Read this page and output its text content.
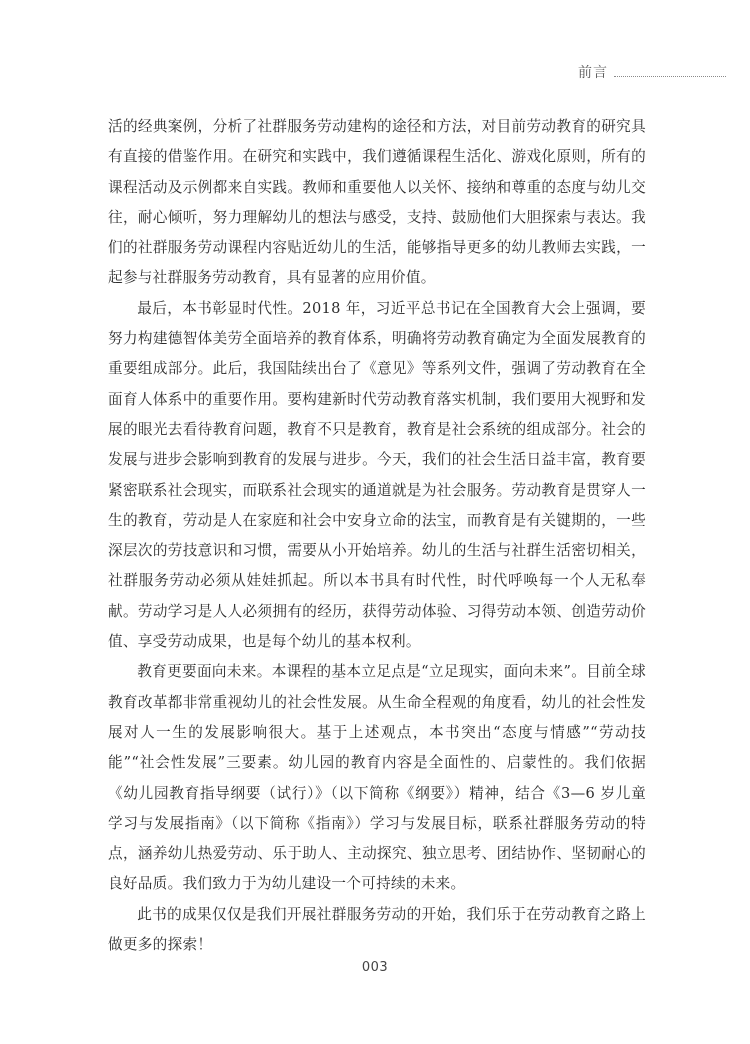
前言

活的经典案例，分析了社群服务劳动建构的途径和方法，对目前劳动教育的研究具有直接的借鉴作用。在研究和实践中，我们遵循课程生活化、游戏化原则，所有的课程活动及示例都来自实践。教师和重要他人以关怀、接纳和尊重的态度与幼儿交往，耐心倾听，努力理解幼儿的想法与感受，支持、鼓励他们大胆探索与表达。我们的社群服务劳动课程内容贴近幼儿的生活，能够指导更多的幼儿教师去实践，一起参与社群服务劳动教育，具有显著的应用价值。

最后，本书彰显时代性。2018 年，习近平总书记在全国教育大会上强调，要努力构建德智体美劳全面培养的教育体系，明确将劳动教育确定为全面发展教育的重要组成部分。此后，我国陆续出台了《意见》等系列文件，强调了劳动教育在全面育人体系中的重要作用。要构建新时代劳动教育落实机制，我们要用大视野和发展的眼光去看待教育问题，教育不只是教育，教育是社会系统的组成部分。社会的发展与进步会影响到教育的发展与进步。今天，我们的社会生活日益丰富，教育要紧密联系社会现实，而联系社会现实的通道就是为社会服务。劳动教育是贯穿人一生的教育，劳动是人在家庭和社会中安身立命的法宝，而教育是有关键期的，一些深层次的劳技意识和习惯，需要从小开始培养。幼儿的生活与社群生活密切相关，社群服务劳动必须从娃娃抓起。所以本书具有时代性，时代呼唤每一个人无私奉献。劳动学习是人人必须拥有的经历，获得劳动体验、习得劳动本领、创造劳动价值、享受劳动成果，也是每个幼儿的基本权利。

教育更要面向未来。本课程的基本立足点是“立足现实，面向未来”。目前全球教育改革都非常重视幼儿的社会性发展。从生命全程观的角度看，幼儿的社会性发展对人一生的发展影响很大。基于上述观点，本书突出“态度与情感”“劳动技能”“社会性发展”三要素。幼儿园的教育内容是全面性的、启蒙性的。我们依据《幼儿园教育指导纲要（试行）》（以下简称《纲要》）精神，结合《3—6 岁儿童学习与发展指南》（以下简称《指南》）学习与发展目标，联系社群服务劳动的特点，涵养幼儿热爱劳动、乐于助人、主动探究、独立思考、团结协作、坚韧耐心的良好品质。我们致力于为幼儿建设一个可持续的未来。

此书的成果仅仅是我们开展社群服务劳动的开始，我们乐于在劳动教育之路上做更多的探索！

003
